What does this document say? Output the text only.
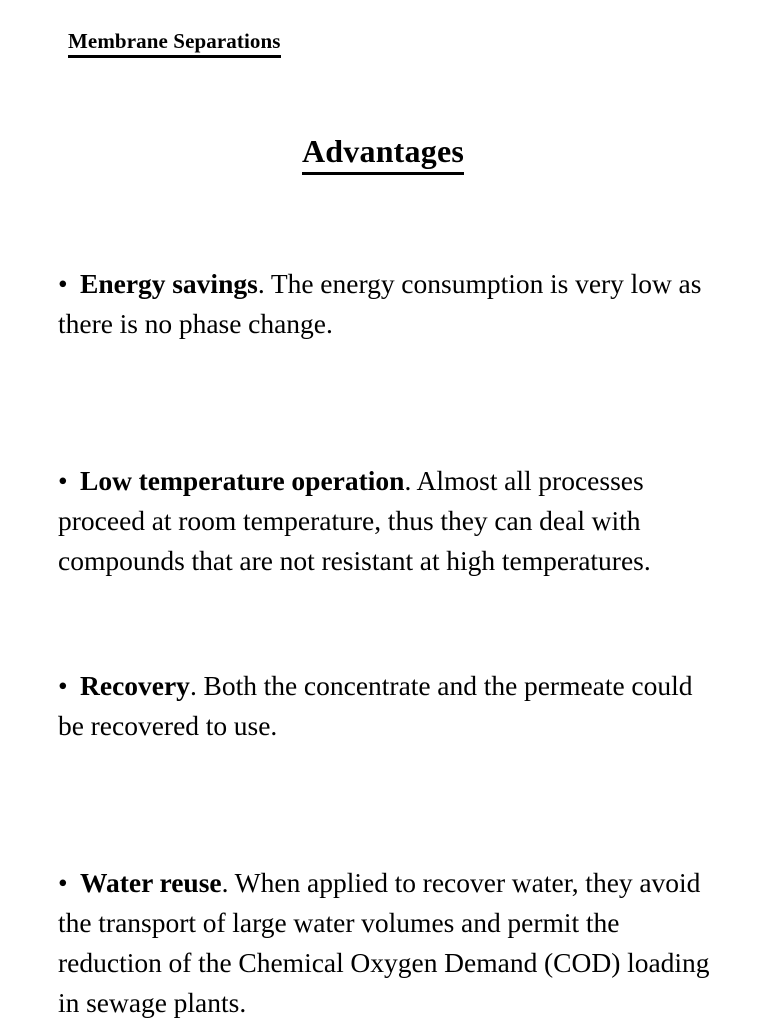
Membrane Separations
Advantages

• Energy savings. The energy consumption is very low as there is no phase change.

• Low temperature operation. Almost all processes proceed at room temperature, thus they can deal with compounds that are not resistant at high temperatures.

• Recovery. Both the concentrate and the permeate could be recovered to use.

• Water reuse. When applied to recover water, they avoid the transport of large water volumes and permit the reduction of the Chemical Oxygen Demand (COD) loading in sewage plants.
